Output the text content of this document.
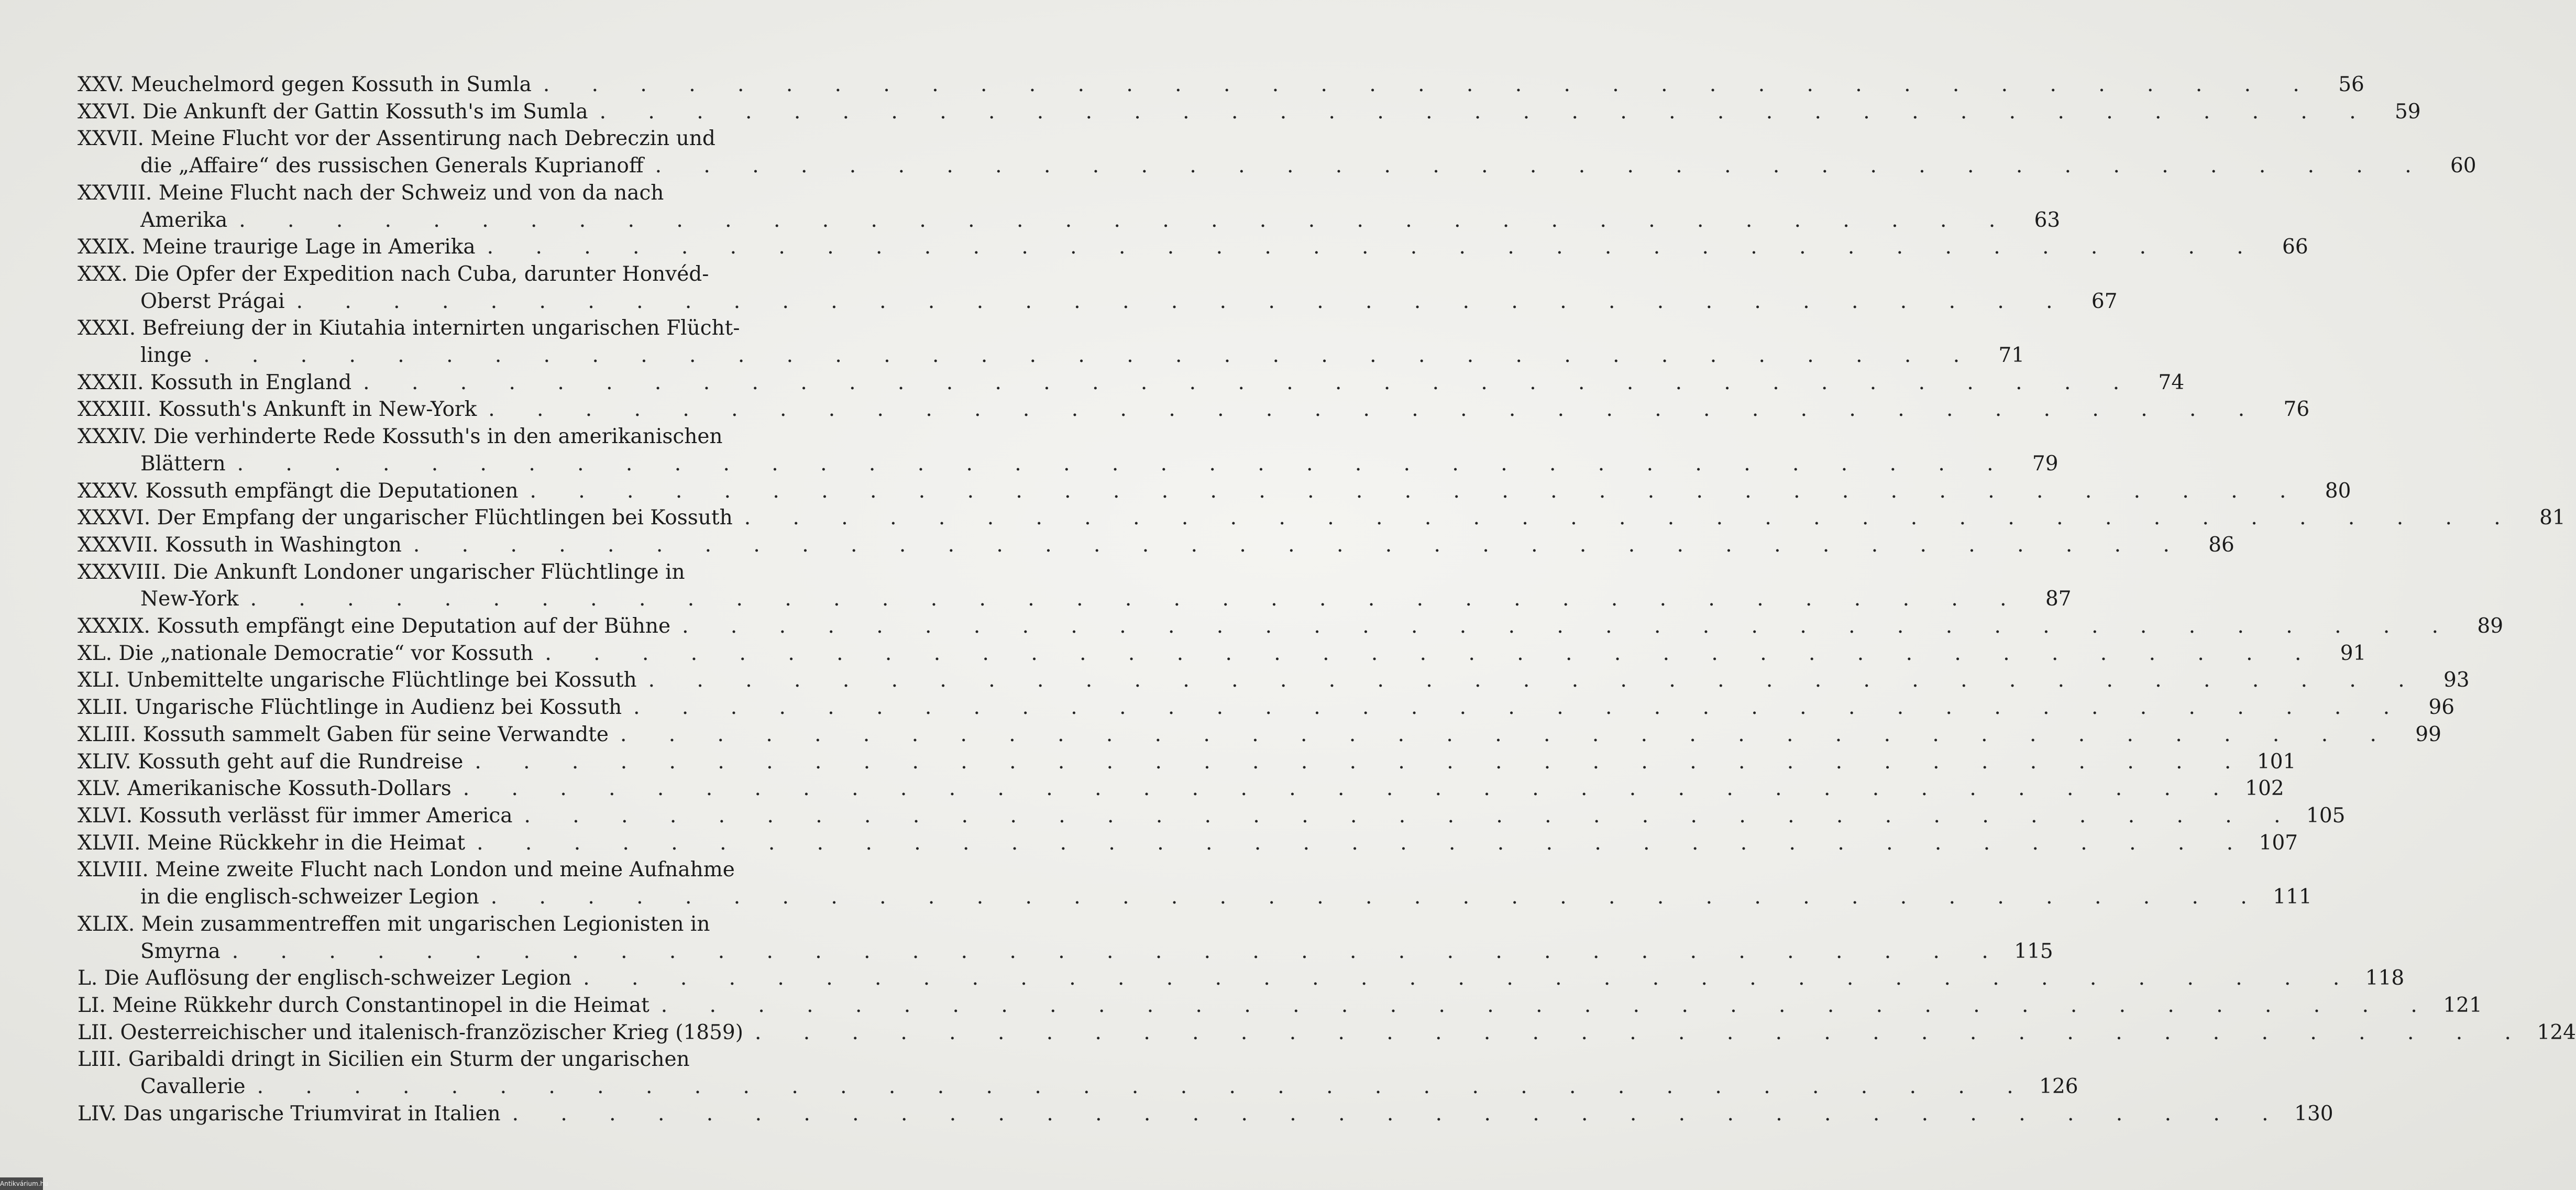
XXV. Meuchelmord gegen Kossuth in Sumla . . . . . . . . . . . . . . . . . . . . . . . . . . . . . . . . . . . . .	56
XXVI. Die Ankunft der Gattin Kossuth's im Sumla . . . . . . . . . . . . . . . . . . . . . . . . . . . . . . . . . . . . .	59
XXVII. Meine Flucht vor der Assentirung nach Debreczin und
die „Affaire“ des russischen Generals Kuprianoff . . . . . . . . . . . . . . . . . . . . . . . . . . . . . . . . . . . . .	60
XXVIII. Meine Flucht nach der Schweiz und von da nach
Amerika . . . . . . . . . . . . . . . . . . . . . . . . . . . . . . . . . . . . .	63
XXIX. Meine traurige Lage in Amerika . . . . . . . . . . . . . . . . . . . . . . . . . . . . . . . . . . . . .	66
XXX. Die Opfer der Expedition nach Cuba, darunter Honvéd-
Oberst Prágai . . . . . . . . . . . . . . . . . . . . . . . . . . . . . . . . . . . . .	67
XXXI. Befreiung der in Kiutahia internirten ungarischen Flücht-
linge . . . . . . . . . . . . . . . . . . . . . . . . . . . . . . . . . . . . .	71
XXXII. Kossuth in England . . . . . . . . . . . . . . . . . . . . . . . . . . . . . . . . . . . . .	74
XXXIII. Kossuth's Ankunft in New-York . . . . . . . . . . . . . . . . . . . . . . . . . . . . . . . . . . . . .	76
XXXIV. Die verhinderte Rede Kossuth's in den amerikanischen
Blättern . . . . . . . . . . . . . . . . . . . . . . . . . . . . . . . . . . . . .	79
XXXV. Kossuth empfängt die Deputationen . . . . . . . . . . . . . . . . . . . . . . . . . . . . . . . . . . . . .	80
XXXVI. Der Empfang der ungarischer Flüchtlingen bei Kossuth . . . . . . . . . . . . . . . . . . . . . . . . . . . . . . . . . . . . .	81
XXXVII. Kossuth in Washington . . . . . . . . . . . . . . . . . . . . . . . . . . . . . . . . . . . . .	86
XXXVIII. Die Ankunft Londoner ungarischer Flüchtlinge in
New-York . . . . . . . . . . . . . . . . . . . . . . . . . . . . . . . . . . . . .	87
XXXIX. Kossuth empfängt eine Deputation auf der Bühne . . . . . . . . . . . . . . . . . . . . . . . . . . . . . . . . . . . . .	89
XL. Die „nationale Democratie“ vor Kossuth . . . . . . . . . . . . . . . . . . . . . . . . . . . . . . . . . . . . .	91
XLI. Unbemittelte ungarische Flüchtlinge bei Kossuth . . . . . . . . . . . . . . . . . . . . . . . . . . . . . . . . . . . . .	93
XLII. Ungarische Flüchtlinge in Audienz bei Kossuth . . . . . . . . . . . . . . . . . . . . . . . . . . . . . . . . . . . . .	96
XLIII. Kossuth sammelt Gaben für seine Verwandte . . . . . . . . . . . . . . . . . . . . . . . . . . . . . . . . . . . . .	99
XLIV. Kossuth geht auf die Rundreise . . . . . . . . . . . . . . . . . . . . . . . . . . . . . . . . . . . . . 101
XLV. Amerikanische Kossuth-Dollars . . . . . . . . . . . . . . . . . . . . . . . . . . . . . . . . . . . . . 102
XLVI. Kossuth verlässt für immer America . . . . . . . . . . . . . . . . . . . . . . . . . . . . . . . . . . . . . 105
XLVII. Meine Rückkehr in die Heimat . . . . . . . . . . . . . . . . . . . . . . . . . . . . . . . . . . . . . 107
XLVIII. Meine zweite Flucht nach London und meine Aufnahme
in die englisch-schweizer Legion . . . . . . . . . . . . . . . . . . . . . . . . . . . . . . . . . . . . . 111
XLIX. Mein zusammentreffen mit ungarischen Legionisten in
Smyrna . . . . . . . . . . . . . . . . . . . . . . . . . . . . . . . . . . . . . 115
L. Die Auflösung der englisch-schweizer Legion . . . . . . . . . . . . . . . . . . . . . . . . . . . . . . . . . . . . . 118
LI. Meine Rükkehr durch Constantinopel in die Heimat . . . . . . . . . . . . . . . . . . . . . . . . . . . . . . . . . . . . . 121
LII. Oesterreichischer und italenisch-franzözischer Krieg (1859) . . . . . . . . . . . . . . . . . . . . . . . . . . . . . . . . . . . . . 124
LIII. Garibaldi dringt in Sicilien ein Sturm der ungarischen
Cavallerie . . . . . . . . . . . . . . . . . . . . . . . . . . . . . . . . . . . . . 126
LIV. Das ungarische Triumvirat in Italien . . . . . . . . . . . . . . . . . . . . . . . . . . . . . . . . . . . . . 130
Antikvárium.hu
